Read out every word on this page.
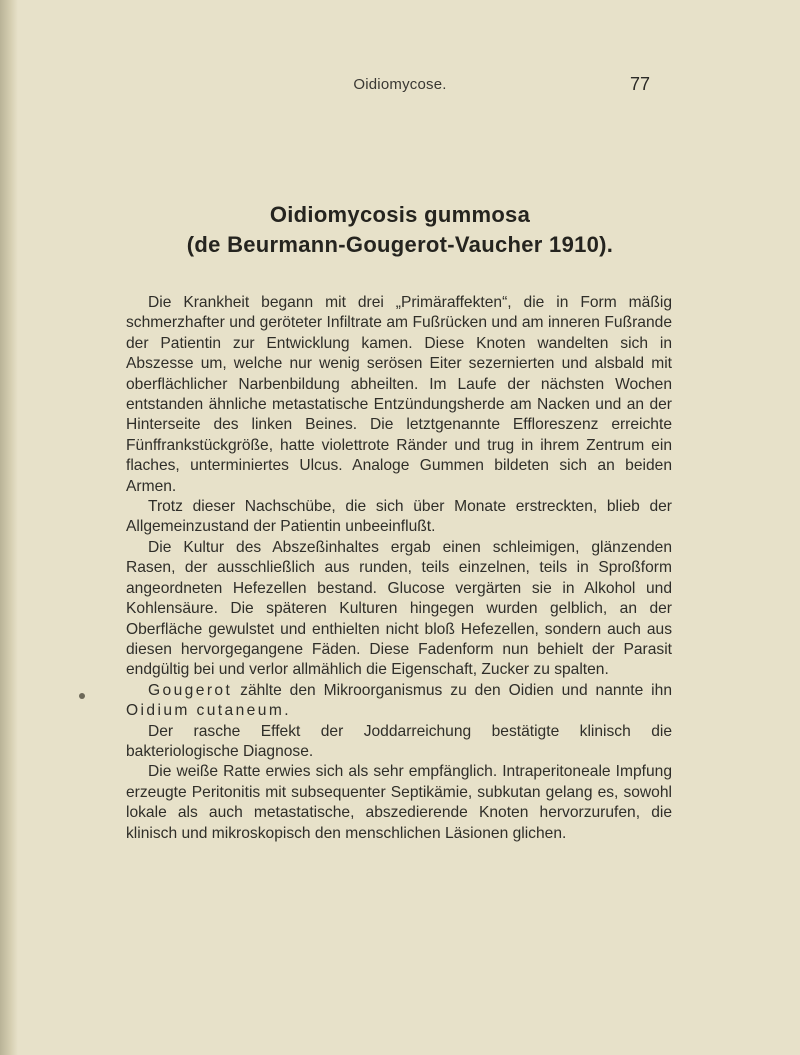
Oidiomycose.	77
Oidiomycosis gummosa
(de Beurmann-Gougerot-Vaucher 1910).

Die Krankheit begann mit drei „Primäraffekten“, die in Form mäßig schmerzhafter und geröteter Infiltrate am Fußrücken und am inneren Fußrande der Patientin zur Entwicklung kamen. Diese Knoten wandelten sich in Abszesse um, welche nur wenig serösen Eiter sezernierten und alsbald mit oberflächlicher Narbenbildung abheilten. Im Laufe der nächsten Wochen entstanden ähnliche metastatische Entzündungsherde am Nacken und an der Hinterseite des linken Beines. Die letztgenannte Effloreszenz erreichte Fünffrankstückgröße, hatte violettrote Ränder und trug in ihrem Zentrum ein flaches, unterminiertes Ulcus. Analoge Gummen bildeten sich an beiden Armen.

Trotz dieser Nachschübe, die sich über Monate erstreckten, blieb der Allgemeinzustand der Patientin unbeeinflußt.

Die Kultur des Abszeßinhaltes ergab einen schleimigen, glänzenden Rasen, der ausschließlich aus runden, teils einzelnen, teils in Sproßform angeordneten Hefezellen bestand. Glucose vergärten sie in Alkohol und Kohlensäure. Die späteren Kulturen hingegen wurden gelblich, an der Oberfläche gewulstet und enthielten nicht bloß Hefezellen, sondern auch aus diesen hervorgegangene Fäden. Diese Fadenform nun behielt der Parasit endgültig bei und verlor allmählich die Eigenschaft, Zucker zu spalten.

Gougerot zählte den Mikroorganismus zu den Oidien und nannte ihn Oidium cutaneum.

Der rasche Effekt der Joddarreichung bestätigte klinisch die bakteriologische Diagnose.

Die weiße Ratte erwies sich als sehr empfänglich. Intraperitoneale Impfung erzeugte Peritonitis mit subsequenter Septikämie, subkutan gelang es, sowohl lokale als auch metastatische, abszedierende Knoten hervorzurufen, die klinisch und mikroskopisch den menschlichen Läsionen glichen.
